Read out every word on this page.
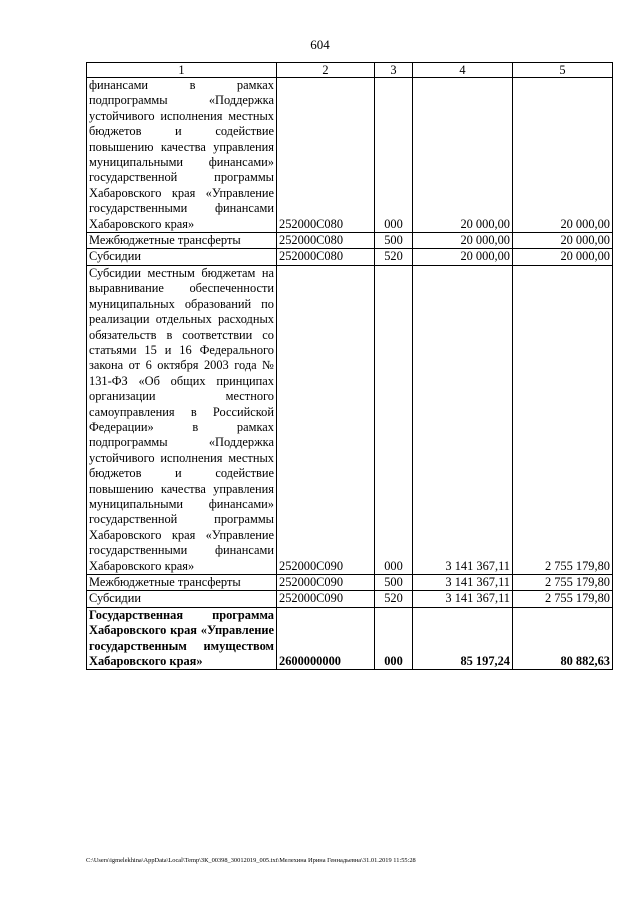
604
1	2	3	4	5
финансами в рамках подпрограммы «Поддержка устойчивого исполнения местных бюджетов и содействие повышению качества управления муниципальными финансами» государственной программы Хабаровского края «Управление государственными финансами Хабаровского края»	252000С080	000	20 000,00	20 000,00
Межбюджетные трансферты	252000С080	500	20 000,00	20 000,00
Субсидии	252000С080	520	20 000,00	20 000,00
Субсидии местным бюджетам на выравнивание обеспеченности муниципальных образований по реализации отдельных расходных обязательств в соответствии со статьями 15 и 16 Федерального закона от 6 октября 2003 года № 131-ФЗ «Об общих принципах организации местного самоуправления в Российской Федерации» в рамках подпрограммы «Поддержка устойчивого исполнения местных бюджетов и содействие повышению качества управления муниципальными финансами» государственной программы Хабаровского края «Управление государственными финансами Хабаровского края»	252000С090	000	3 141 367,11	2 755 179,80
Межбюджетные трансферты	252000С090	500	3 141 367,11	2 755 179,80
Субсидии	252000С090	520	3 141 367,11	2 755 179,80
Государственная программа Хабаровского края «Управление государственным имуществом Хабаровского края»	2600000000	000	85 197,24	80 882,63
C:\Users\igmelekhina\AppData\Local\Temp\ЗК_00398_30012019_005.txt\Мелехина Ирина Геннадьевна\31.01.2019 11:55:28
